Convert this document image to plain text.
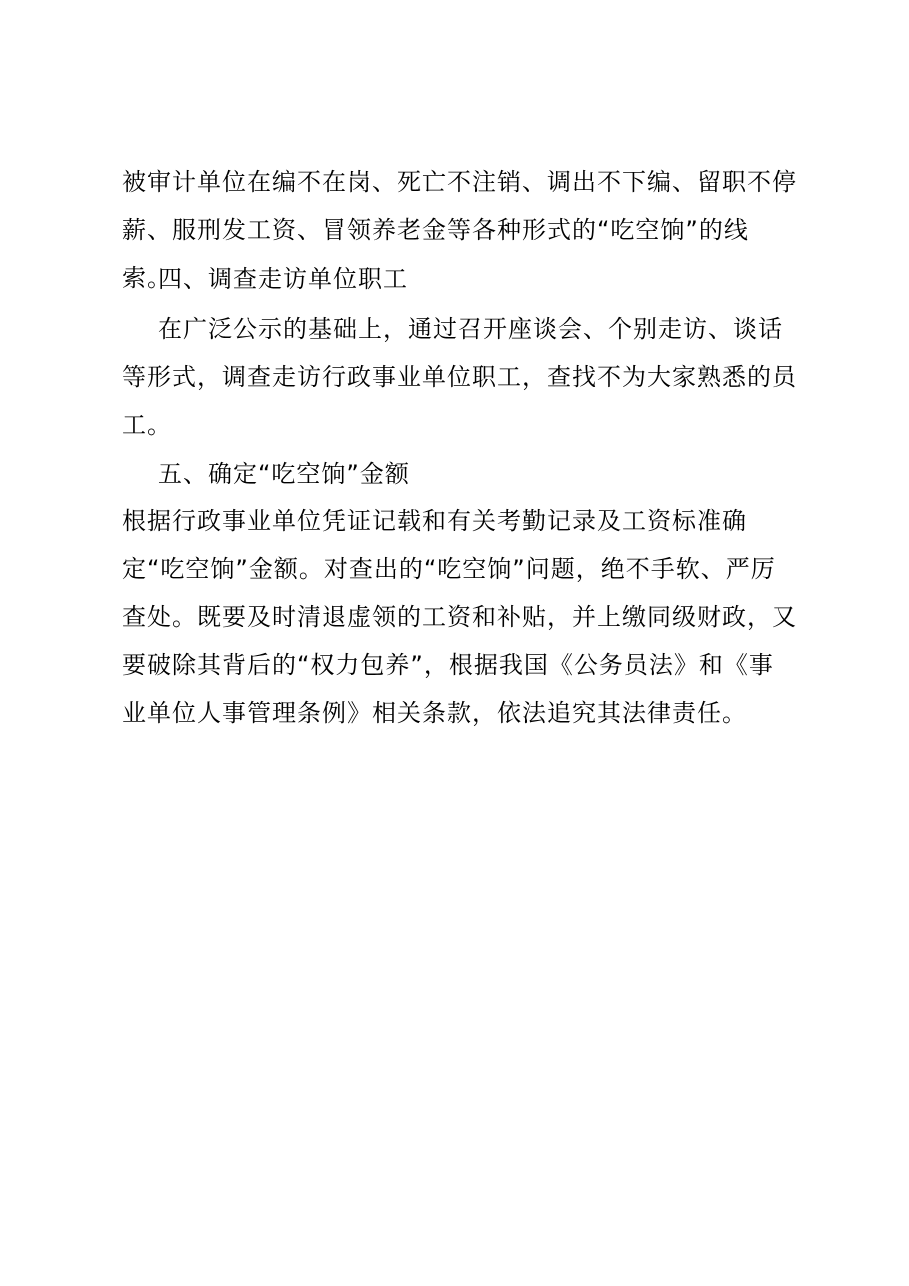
被审计单位在编不在岗、死亡不注销、调出不下编、留职不停薪、服刑发工资、冒领养老金等各种形式的“吃空饷”的线索。

四、调查走访单位职工

在广泛公示的基础上，通过召开座谈会、个别走访、谈话等形式，调查走访行政事业单位职工，查找不为大家熟悉的员工。

五、确定“吃空饷”金额

根据行政事业单位凭证记载和有关考勤记录及工资标准确定“吃空饷”金额。对查出的“吃空饷”问题，绝不手软、严厉查处。既要及时清退虚领的工资和补贴，并上缴同级财政，又要破除其背后的“权力包养”，根据我国《公务员法》和《事业单位人事管理条例》相关条款，依法追究其法律责任。
